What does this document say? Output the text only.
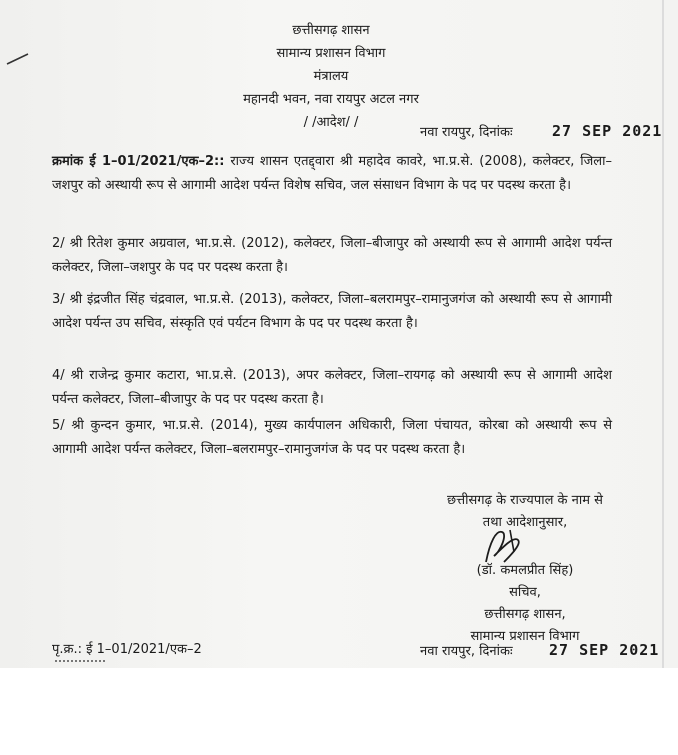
छत्तीसगढ़ शासन
सामान्य प्रशासन विभाग
मंत्रालय
महानदी भवन, नवा रायपुर अटल नगर
/ /आदेश/ /
नवा रायपुर, दिनांकः	27 SEP 2021
क्रमांक ई 1–01/2021/एक–2:: राज्य शासन एतद्द्वारा श्री महादेव कावरे, भा.प्र.से. (2008), कलेक्टर, जिला–जशपुर को अस्थायी रूप से आगामी आदेश पर्यन्त विशेष सचिव, जल संसाधन विभाग के पद पर पदस्थ करता है।
2/ श्री रितेश कुमार अग्रवाल, भा.प्र.से. (2012), कलेक्टर, जिला–बीजापुर को अस्थायी रूप से आगामी आदेश पर्यन्त कलेक्टर, जिला–जशपुर के पद पर पदस्थ करता है।
3/ श्री इंद्रजीत सिंह चंद्रवाल, भा.प्र.से. (2013), कलेक्टर, जिला–बलरामपुर–रामानुजगंज को अस्थायी रूप से आगामी आदेश पर्यन्त उप सचिव, संस्कृति एवं पर्यटन विभाग के पद पर पदस्थ करता है।
4/ श्री राजेन्द्र कुमार कटारा, भा.प्र.से. (2013), अपर कलेक्टर, जिला–रायगढ़ को अस्थायी रूप से आगामी आदेश पर्यन्त कलेक्टर, जिला–बीजापुर के पद पर पदस्थ करता है।
5/ श्री कुन्दन कुमार, भा.प्र.से. (2014), मुख्य कार्यपालन अधिकारी, जिला पंचायत, कोरबा को अस्थायी रूप से आगामी आदेश पर्यन्त कलेक्टर, जिला–बलरामपुर–रामानुजगंज के पद पर पदस्थ करता है।
छत्तीसगढ़ के राज्यपाल के नाम से
तथा आदेशानुसार,
(डॉ. कमलप्रीत सिंह)
सचिव,
छत्तीसगढ़ शासन,
सामान्य प्रशासन विभाग
पृ.क्र.: ई 1–01/2021/एक–2	नवा रायपुर, दिनांकः 27 SEP 2021
